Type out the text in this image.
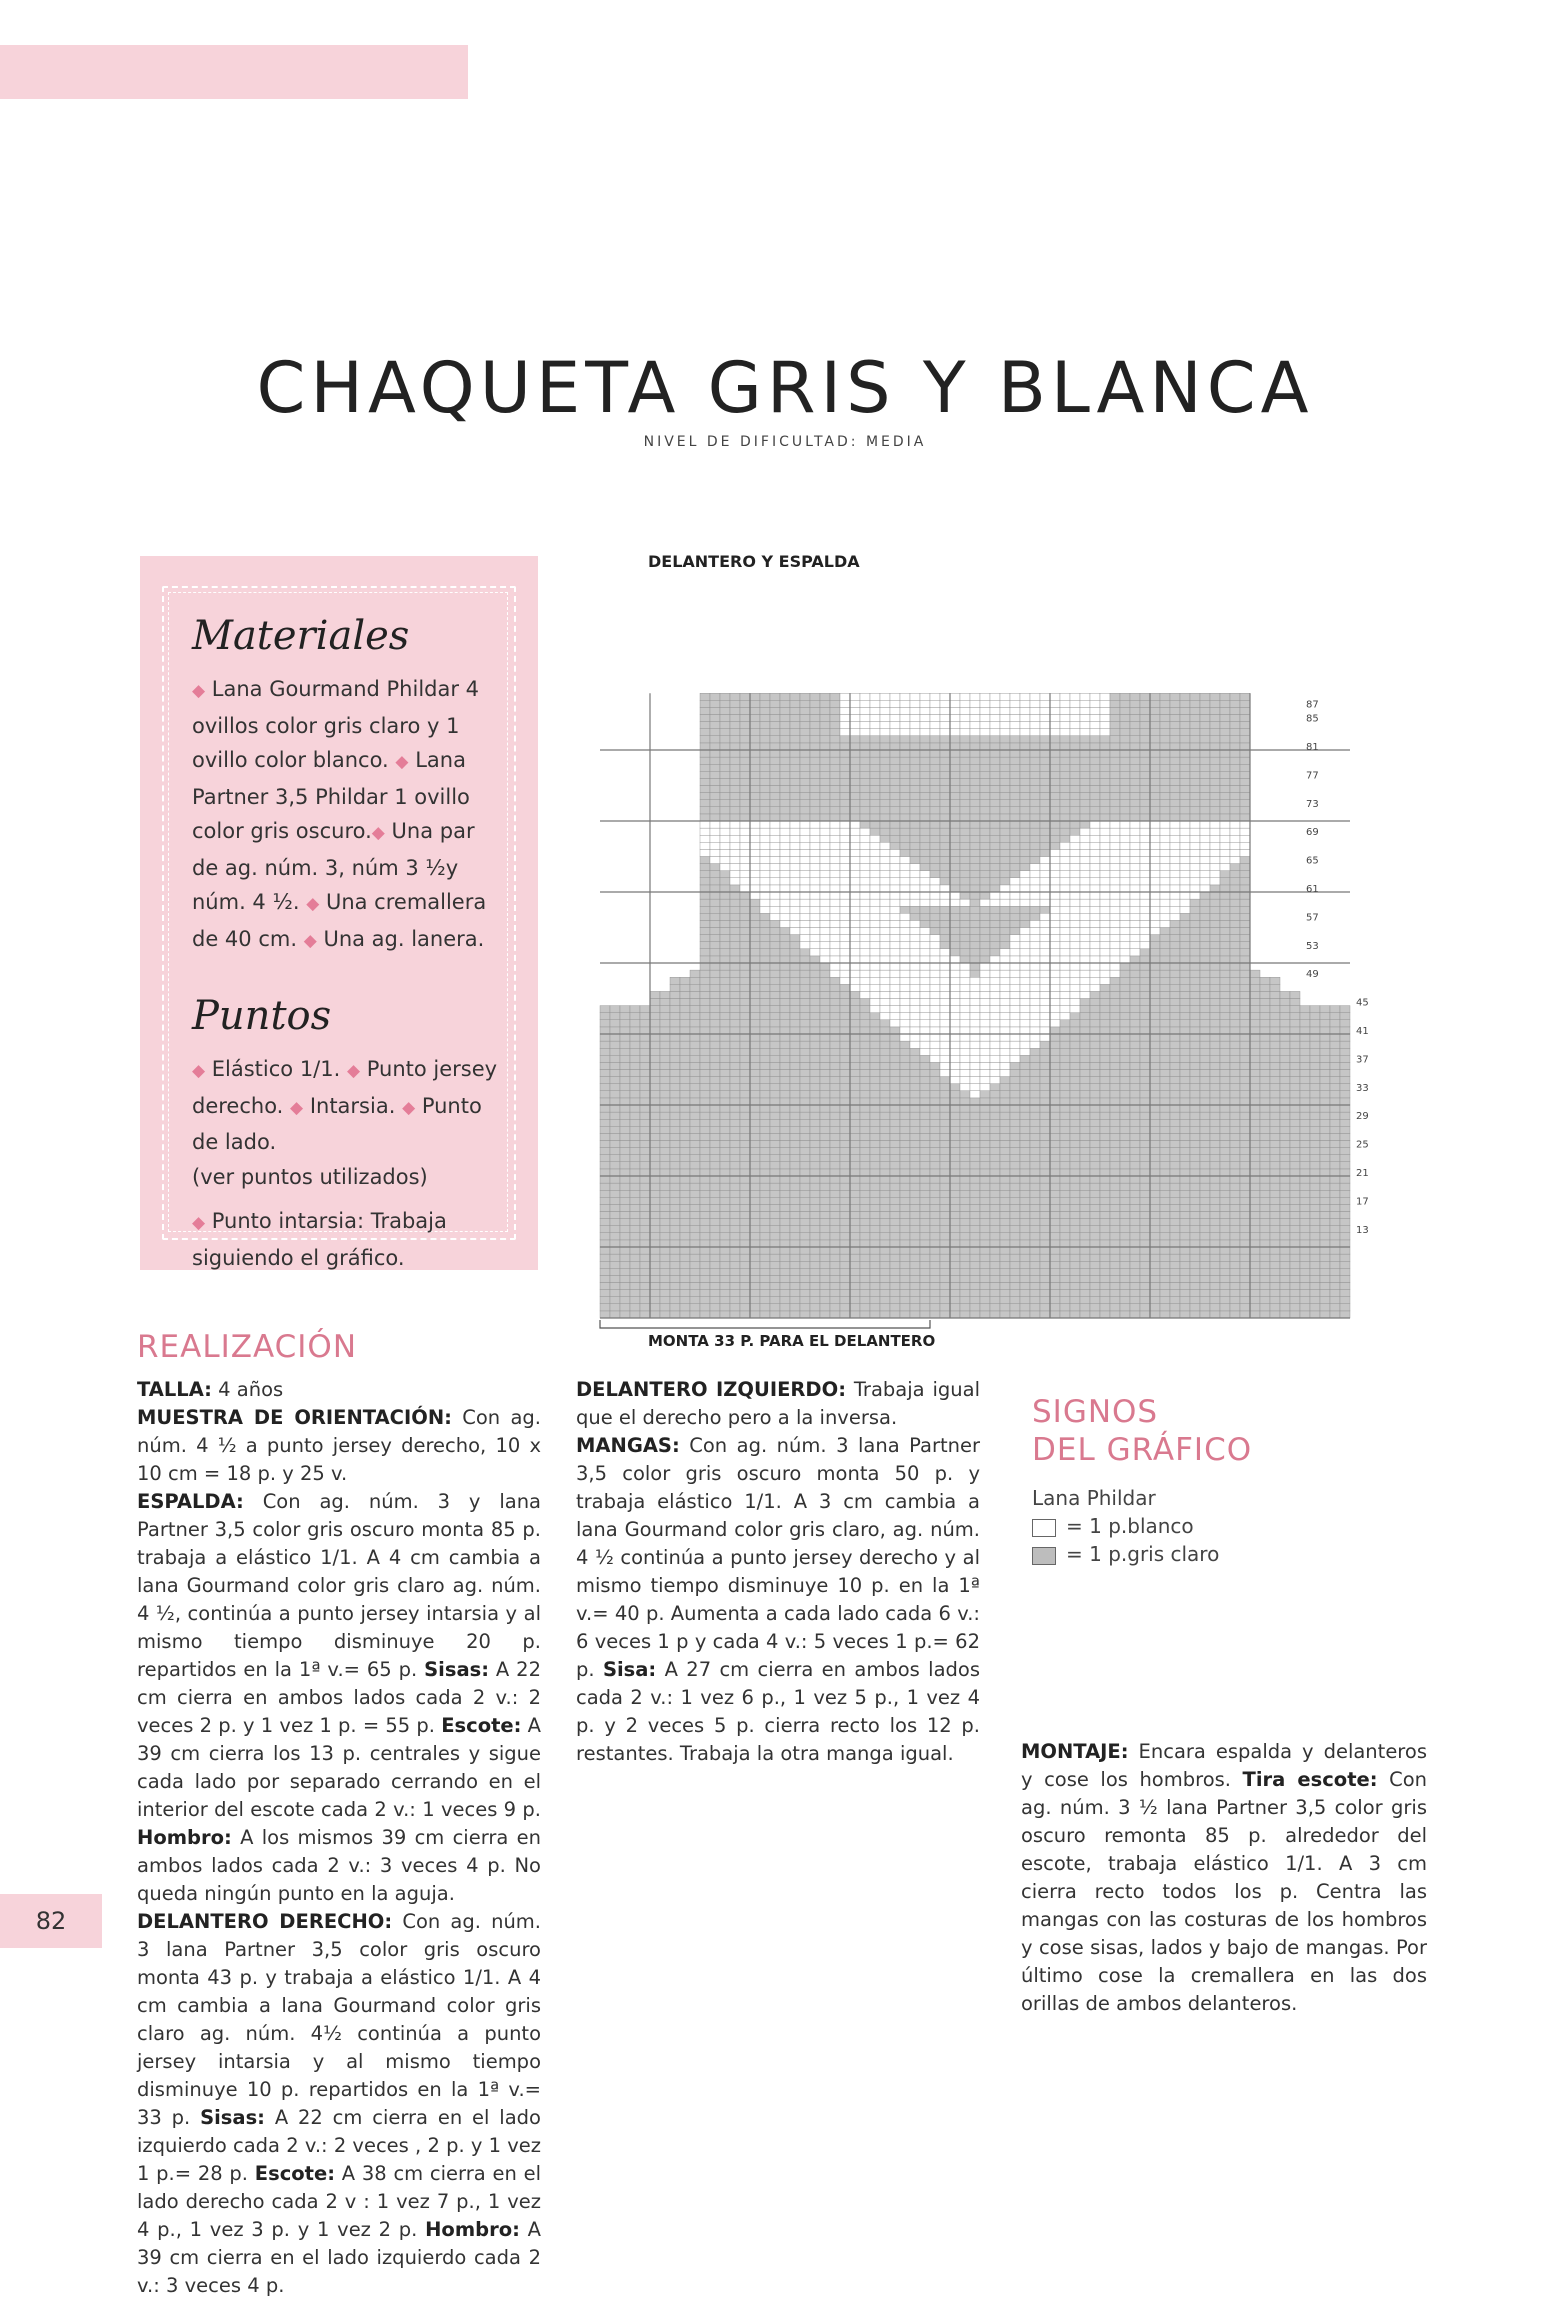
CHAQUETA GRIS Y BLANCA
NIVEL DE DIFICULTAD: MEDIA

Materiales

◆ Lana Gourmand Phildar 4 ovillos color gris claro y 1 ovillo color blanco. ◆ Lana Partner 3,5 Phildar 1 ovillo color gris oscuro.◆ Una par de ag. núm. 3, núm 3 ½y núm. 4 ½. ◆ Una cremallera de 40 cm. ◆ Una ag. lanera.

Puntos

◆ Elástico 1/1. ◆ Punto jersey derecho. ◆ Intarsia. ◆ Punto de lado.
(ver puntos utilizados)

◆ Punto intarsia: Trabaja siguiendo el gráfico.

DELANTERO Y ESPALDA
87
85
81
77
73
69
65
61
57
53
49
45
41
37
33
29
25
21
17
13
MONTA 33 P. PARA EL DELANTERO
REALIZACIÓN

TALLA: 4 años

MUESTRA DE ORIENTACIÓN: Con ag. núm. 4 ½ a punto jersey derecho, 10 x 10 cm = 18 p. y 25 v.

ESPALDA: Con ag. núm. 3 y lana Partner 3,5 color gris oscuro monta 85 p. trabaja a elástico 1/1. A 4 cm cambia a lana Gourmand color gris claro ag. núm. 4 ½, continúa a punto jersey intarsia y al mismo tiempo disminuye 20 p. repartidos en la 1ª v.= 65 p. Sisas: A 22 cm cierra en ambos lados cada 2 v.: 2 veces 2 p. y 1 vez 1 p. = 55 p. Escote: A 39 cm cierra los 13 p. centrales y sigue cada lado por separado cerrando en el interior del escote cada 2 v.: 1 veces 9 p. Hombro: A los mismos 39 cm cierra en ambos lados cada 2 v.: 3 veces 4 p. No queda ningún punto en la aguja.

DELANTERO DERECHO: Con ag. núm. 3 lana Partner 3,5 color gris oscuro monta 43 p. y trabaja a elástico 1/1. A 4 cm cambia a lana Gourmand color gris claro ag. núm. 4½ continúa a punto jersey intarsia y al mismo tiempo disminuye 10 p. repartidos en la 1ª v.= 33 p. Sisas: A 22 cm cierra en el lado izquierdo cada 2 v.: 2 veces , 2 p. y 1 vez 1 p.= 28 p. Escote: A 38 cm cierra en el lado derecho cada 2 v : 1 vez 7 p., 1 vez 4 p., 1 vez 3 p. y 1 vez 2 p. Hombro: A 39 cm cierra en el lado izquierdo cada 2 v.: 3 veces 4 p.

DELANTERO IZQUIERDO: Trabaja igual que el derecho pero a la inversa.

MANGAS: Con ag. núm. 3 lana Partner 3,5 color gris oscuro monta 50 p. y trabaja elástico 1/1. A 3 cm cambia a lana Gourmand color gris claro, ag. núm. 4 ½ continúa a punto jersey derecho y al mismo tiempo disminuye 10 p. en la 1ª v.= 40 p. Aumenta a cada lado cada 6 v.: 6 veces 1 p y cada 4 v.: 5 veces 1 p.= 62 p. Sisa: A 27 cm cierra en ambos lados cada 2 v.: 1 vez 6 p., 1 vez 5 p., 1 vez 4 p. y 2 veces 5 p. cierra recto los 12 p. restantes. Trabaja la otra manga igual.

SIGNOS
DEL GRÁFICO
Lana Phildar
= 1 p.blanco
= 1 p.gris claro

MONTAJE: Encara espalda y delanteros y cose los hombros. Tira escote: Con ag. núm. 3 ½ lana Partner 3,5 color gris oscuro remonta 85 p. alrededor del escote, trabaja elástico 1/1. A 3 cm cierra recto todos los p. Centra las mangas con las costuras de los hombros y cose sisas, lados y bajo de mangas. Por último cose la cremallera en las dos orillas de ambos delanteros.

82
